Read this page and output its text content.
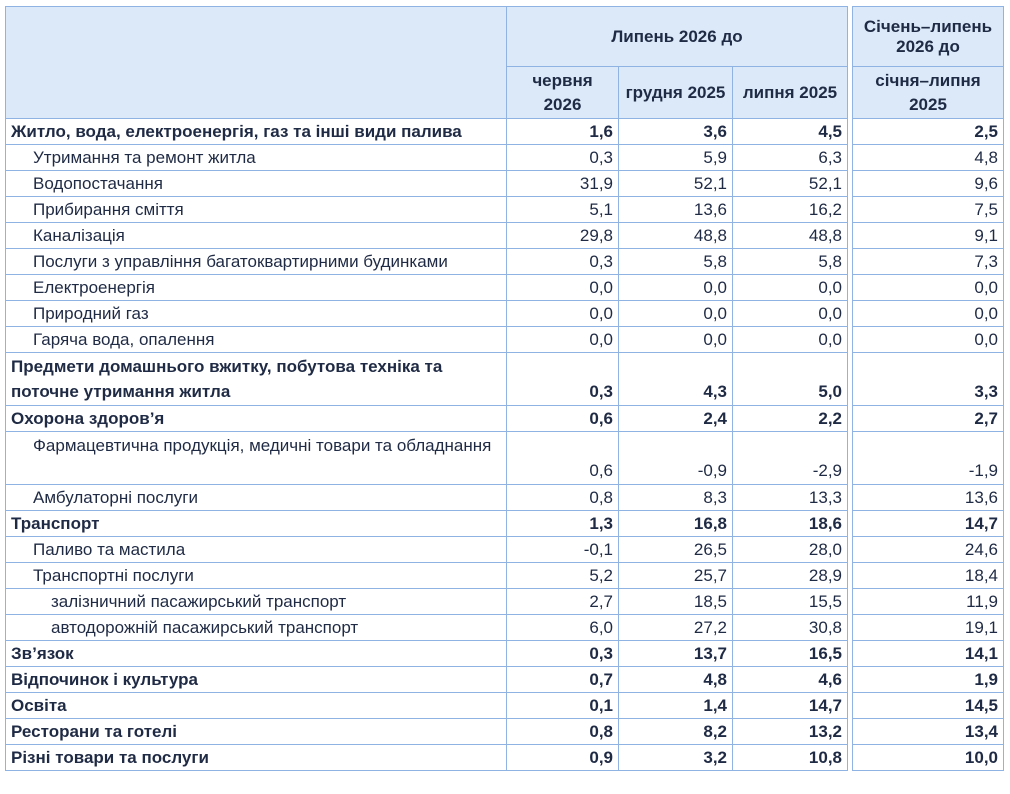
	Липень 2026 до				Січень–липень 2026 до
	червня 2026	грудня 2025	липня 2025		січня–липня 2025
Житло, вода, електроенергія, газ та інші види палива	1,6	3,6	4,5		2,5
Утримання та ремонт житла	0,3	5,9	6,3		4,8
Водопостачання	31,9	52,1	52,1		9,6
Прибирання сміття	5,1	13,6	16,2		7,5
Каналізація	29,8	48,8	48,8		9,1
Послуги з управління багатоквартирними будинками	0,3	5,8	5,8		7,3
Електроенергія	0,0	0,0	0,0		0,0
Природний газ	0,0	0,0	0,0		0,0
Гаряча вода, опалення	0,0	0,0	0,0		0,0
Предмети домашнього вжитку, побутова техніка та поточне утримання житла	0,3	4,3	5,0		3,3
Охорона здоров’я	0,6	2,4	2,2		2,7
Фармацевтична продукція, медичні товари та обладнання	0,6	-0,9	-2,9		-1,9
Амбулаторні послуги	0,8	8,3	13,3		13,6
Транспорт	1,3	16,8	18,6		14,7
Паливо та мастила	-0,1	26,5	28,0		24,6
Транспортні послуги	5,2	25,7	28,9		18,4
залізничний пасажирський транспорт	2,7	18,5	15,5		11,9
автодорожній пасажирський транспорт	6,0	27,2	30,8		19,1
Зв’язок	0,3	13,7	16,5		14,1
Відпочинок і культура	0,7	4,8	4,6		1,9
Освіта	0,1	1,4	14,7		14,5
Ресторани та готелі	0,8	8,2	13,2		13,4
Різні товари та послуги	0,9	3,2	10,8		10,0
